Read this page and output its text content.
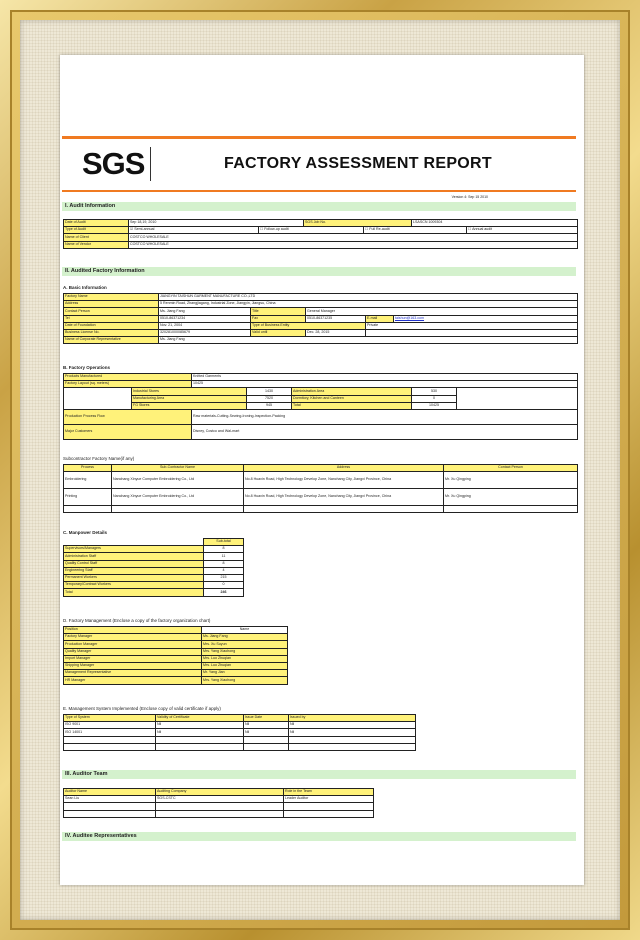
SGS	FACTORY ASSESSMENT REPORT
Version 4: Sep 15 2010
I. Audit Information
Date of Audit	Sep 18,19, 2010		SGS Job No.		LSASCN 1009304	
Type of Audit	☑ Semi-annual	☐ Follow-up audit		☐ Full Re-audit		☐ Annual audit
Name of Client	COSTCO WHOLESALE					
Name of Vendor	COSTCO WHOLESALE					
II. Audited Factory Information
A. Basic Information
Factory Name	JIANGYIN TAISHUN GARMENT MANUFACTURE CO.,LTD				
Address	5 Renmin Road, Zhangjiagang, Industrial Zone, Jiangyin, Jiangsu, China				
Contact Person	Ms. Jiang Fang	Title	General Manager		
Tel	0510-86371234	Fax	0510-86371235	E-mail	taishun@163.com
Date of Foundation	Nov. 21, 2004	Type of Business Entity		Private	
Business License No.	320281000085679	Valid until	Dec. 28, 2015		
Name of Corporate Representative	Ms. Jiang Fang				
B. Factory Operations
Products Manufactured		Knitted Garments				
Factory Layout (sq. meters)		10425				
	Industrial Stores		1430	Administration Area	530	
	Manufacturing Area		7520	Dormitory, Kitchen and Canteen	0	
	FG Stores		945	Total	10425	
Production Process Flow		Raw materials-Cutting-Sewing-Ironing-Inspection-Packing				
Major Customers		Disney, Costco and Wal-mart				
Subcontractor Factory Name(if any)
Process	Sub-Contractor Name	Address	Contact Person
Embroidering	Nanchang Xinyue Computer Embroidering Co., Ltd	No.8 Huaxin Road, High Technology Develop Zone, Nanchang City, Jiangxi Province, China	Mr. Xu Qingping
Printing	Nanchang Xinyue Computer Embroidering Co., Ltd	No.8 Huaxin Road, High Technology Develop Zone, Nanchang City, Jiangxi Province, China	Mr. Xu Qingping

C. Manpower Details
	Sub-total
Supervisors/Managers	8
Administration Staff	11
Quality Control Staff	8
Engineering Staff	4
Permanent Workers	215
Temporary/Contract Workers	0
Total	246
D. Factory Management (Enclose a copy of the factory organization chart)
Position	Name
Factory Manager	Ms. Jiang Fang
Production Manager	Mrs. Xu Suyun
Quality Manager	Mrs. Yang Xiaohong
Import Manager	Mrs. Luo Zhuqian
Shipping Manager	Mrs. Luo Zhuqian
Management Representative	Mr. Yang Jian
HR Manager	Mrs. Yang Xiaohong
E. Management System Implemented (Enclose copy of valid certificate if apply)
Type of System	Validity of Certificate	Issue Date	Issued by
ISO 9001	Nil	Nil	Nil
ISO 14001	Nil	Nil	Nil

III. Auditor Team
Auditor Name	Auditing Company	Role in the Team
Sean Liu	SGS-CSTC	Leader Auditor

IV. Auditee Representatives
